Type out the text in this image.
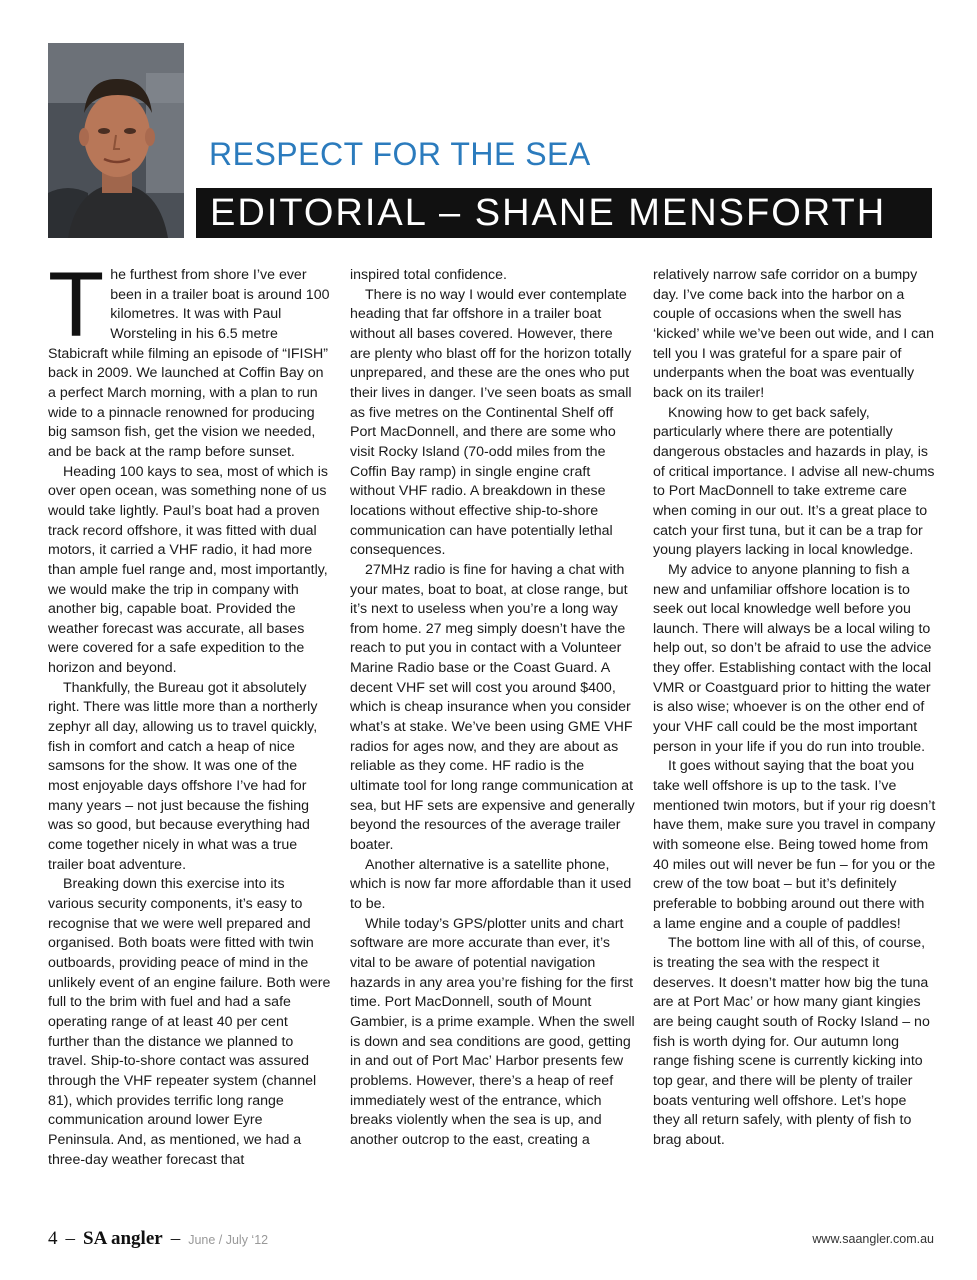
RESPECT FOR THE SEA
EDITORIAL – SHANE MENSFORTH

The furthest from shore I’ve ever been in a trailer boat is around 100 kilometres. It was with Paul Worsteling in his 6.5 metre Stabicraft while filming an episode of “IFISH” back in 2009. We launched at Coffin Bay on a perfect March morning, with a plan to run wide to a pinnacle renowned for producing big samson fish, get the vision we needed, and be back at the ramp before sunset.

Heading 100 kays to sea, most of which is over open ocean, was something none of us would take lightly. Paul’s boat had a proven track record offshore, it was fitted with dual motors, it carried a VHF radio, it had more than ample fuel range and, most importantly, we would make the trip in company with another big, capable boat. Provided the weather forecast was accurate, all bases were covered for a safe expedition to the horizon and beyond.

Thankfully, the Bureau got it absolutely right. There was little more than a northerly zephyr all day, allowing us to travel quickly, fish in comfort and catch a heap of nice samsons for the show. It was one of the most enjoyable days offshore I’ve had for many years – not just because the fishing was so good, but because everything had come together nicely in what was a true trailer boat adventure.

Breaking down this exercise into its various security components, it’s easy to recognise that we were well prepared and organised. Both boats were fitted with twin outboards, providing peace of mind in the unlikely event of an engine failure. Both were full to the brim with fuel and had a safe operating range of at least 40 per cent further than the distance we planned to travel. Ship-to-shore contact was assured through the VHF repeater system (channel 81), which provides terrific long range communication around lower Eyre Peninsula. And, as mentioned, we had a three-day weather forecast that

inspired total confidence.

There is no way I would ever contemplate heading that far offshore in a trailer boat without all bases covered. However, there are plenty who blast off for the horizon totally unprepared, and these are the ones who put their lives in danger. I’ve seen boats as small as five metres on the Continental Shelf off Port MacDonnell, and there are some who visit Rocky Island (70-odd miles from the Coffin Bay ramp) in single engine craft without VHF radio. A breakdown in these locations without effective ship-to-shore communication can have potentially lethal consequences.

27MHz radio is fine for having a chat with your mates, boat to boat, at close range, but it’s next to useless when you’re a long way from home. 27 meg simply doesn’t have the reach to put you in contact with a Volunteer Marine Radio base or the Coast Guard. A decent VHF set will cost you around $400, which is cheap insurance when you consider what’s at stake. We’ve been using GME VHF radios for ages now, and they are about as reliable as they come. HF radio is the ultimate tool for long range communication at sea, but HF sets are expensive and generally beyond the resources of the average trailer boater.

Another alternative is a satellite phone, which is now far more affordable than it used to be.

While today’s GPS/plotter units and chart software are more accurate than ever, it’s vital to be aware of potential navigation hazards in any area you’re fishing for the first time. Port MacDonnell, south of Mount Gambier, is a prime example. When the swell is down and sea conditions are good, getting in and out of Port Mac’ Harbor presents few problems. However, there’s a heap of reef immediately west of the entrance, which breaks violently when the sea is up, and another outcrop to the east, creating a

relatively narrow safe corridor on a bumpy day. I’ve come back into the harbor on a couple of occasions when the swell has ‘kicked’ while we’ve been out wide, and I can tell you I was grateful for a spare pair of underpants when the boat was eventually back on its trailer!

Knowing how to get back safely, particularly where there are potentially dangerous obstacles and hazards in play, is of critical importance. I advise all new-chums to Port MacDonnell to take extreme care when coming in our out. It’s a great place to catch your first tuna, but it can be a trap for young players lacking in local knowledge.

My advice to anyone planning to fish a new and unfamiliar offshore location is to seek out local knowledge well before you launch. There will always be a local wiling to help out, so don’t be afraid to use the advice they offer. Establishing contact with the local VMR or Coastguard prior to hitting the water is also wise; whoever is on the other end of your VHF call could be the most important person in your life if you do run into trouble.

It goes without saying that the boat you take well offshore is up to the task. I’ve mentioned twin motors, but if your rig doesn’t have them, make sure you travel in company with someone else. Being towed home from 40 miles out will never be fun – for you or the crew of the tow boat – but it’s definitely preferable to bobbing around out there with a lame engine and a couple of paddles!

The bottom line with all of this, of course, is treating the sea with the respect it deserves. It doesn’t matter how big the tuna are at Port Mac’ or how many giant kingies are being caught south of Rocky Island – no fish is worth dying for. Our autumn long range fishing scene is currently kicking into top gear, and there will be plenty of trailer boats venturing well offshore. Let’s hope they all return safely, with plenty of fish to brag about.

4 – SA angler – June / July ‘12	www.saangler.com.au
